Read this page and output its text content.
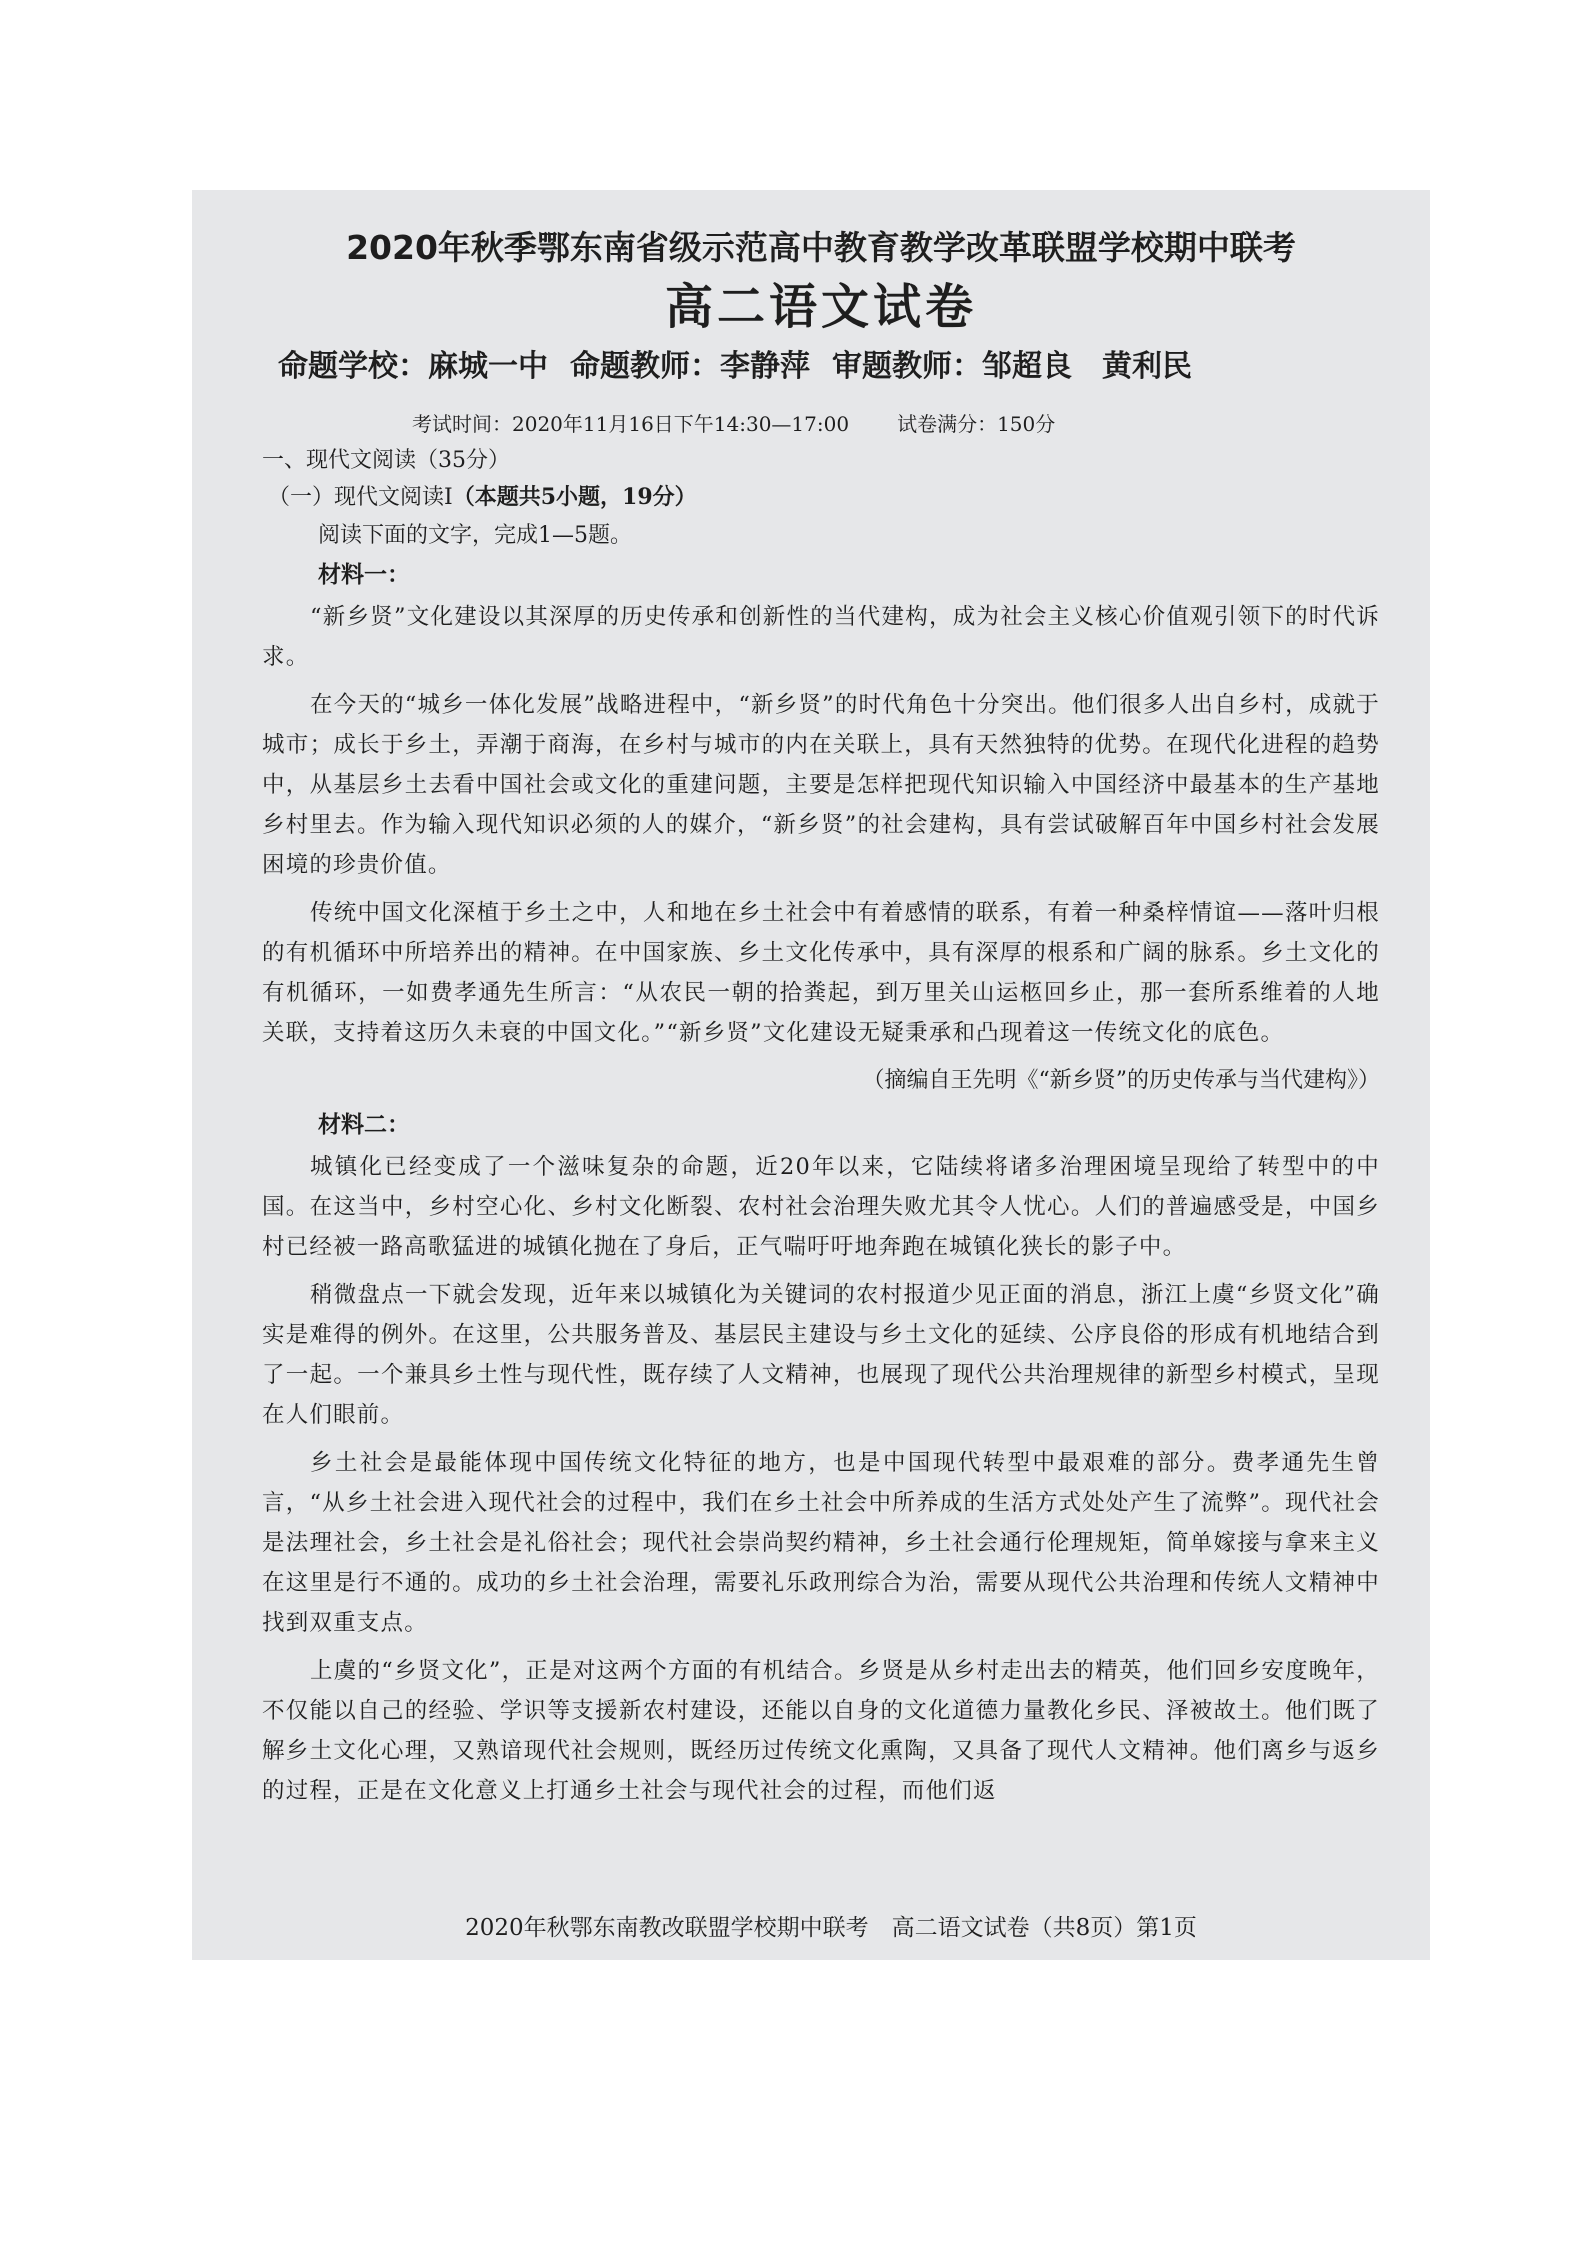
2020年秋季鄂东南省级示范高中教育教学改革联盟学校期中联考
高二语文试卷
命题学校：麻城一中 命题教师：李静萍 审题教师：邹超良　黄利民
考试时间：2020年11月16日下午14:30—17:00 试卷满分：150分
一、现代文阅读（35分）
（一）现代文阅读Ⅰ（本题共5小题，19分）
阅读下面的文字，完成1—5题。
材料一：

“新乡贤”文化建设以其深厚的历史传承和创新性的当代建构，成为社会主义核心价值观引领下的时代诉求。

在今天的“城乡一体化发展”战略进程中，“新乡贤”的时代角色十分突出。他们很多人出自乡村，成就于城市；成长于乡土，弄潮于商海，在乡村与城市的内在关联上，具有天然独特的优势。在现代化进程的趋势中，从基层乡土去看中国社会或文化的重建问题，主要是怎样把现代知识输入中国经济中最基本的生产基地乡村里去。作为输入现代知识必须的人的媒介，“新乡贤”的社会建构，具有尝试破解百年中国乡村社会发展困境的珍贵价值。

传统中国文化深植于乡土之中，人和地在乡土社会中有着感情的联系，有着一种桑梓情谊——落叶归根的有机循环中所培养出的精神。在中国家族、乡土文化传承中，具有深厚的根系和广阔的脉系。乡土文化的有机循环，一如费孝通先生所言：“从农民一朝的拾粪起，到万里关山运柩回乡止，那一套所系维着的人地关联，支持着这历久未衰的中国文化。”“新乡贤”文化建设无疑秉承和凸现着这一传统文化的底色。

（摘编自王先明《“新乡贤”的历史传承与当代建构》）
材料二：

城镇化已经变成了一个滋味复杂的命题，近20年以来，它陆续将诸多治理困境呈现给了转型中的中国。在这当中，乡村空心化、乡村文化断裂、农村社会治理失败尤其令人忧心。人们的普遍感受是，中国乡村已经被一路高歌猛进的城镇化抛在了身后，正气喘吁吁地奔跑在城镇化狭长的影子中。

稍微盘点一下就会发现，近年来以城镇化为关键词的农村报道少见正面的消息，浙江上虞“乡贤文化”确实是难得的例外。在这里，公共服务普及、基层民主建设与乡土文化的延续、公序良俗的形成有机地结合到了一起。一个兼具乡土性与现代性，既存续了人文精神，也展现了现代公共治理规律的新型乡村模式，呈现在人们眼前。

乡土社会是最能体现中国传统文化特征的地方，也是中国现代转型中最艰难的部分。费孝通先生曾言，“从乡土社会进入现代社会的过程中，我们在乡土社会中所养成的生活方式处处产生了流弊”。现代社会是法理社会，乡土社会是礼俗社会；现代社会崇尚契约精神，乡土社会通行伦理规矩，简单嫁接与拿来主义在这里是行不通的。成功的乡土社会治理，需要礼乐政刑综合为治，需要从现代公共治理和传统人文精神中找到双重支点。

上虞的“乡贤文化”，正是对这两个方面的有机结合。乡贤是从乡村走出去的精英，他们回乡安度晚年，不仅能以自己的经验、学识等支援新农村建设，还能以自身的文化道德力量教化乡民、泽被故土。他们既了解乡土文化心理，又熟谙现代社会规则，既经历过传统文化熏陶，又具备了现代人文精神。他们离乡与返乡的过程，正是在文化意义上打通乡土社会与现代社会的过程，而他们返

2020年秋鄂东南教改联盟学校期中联考　高二语文试卷（共8页）第1页
